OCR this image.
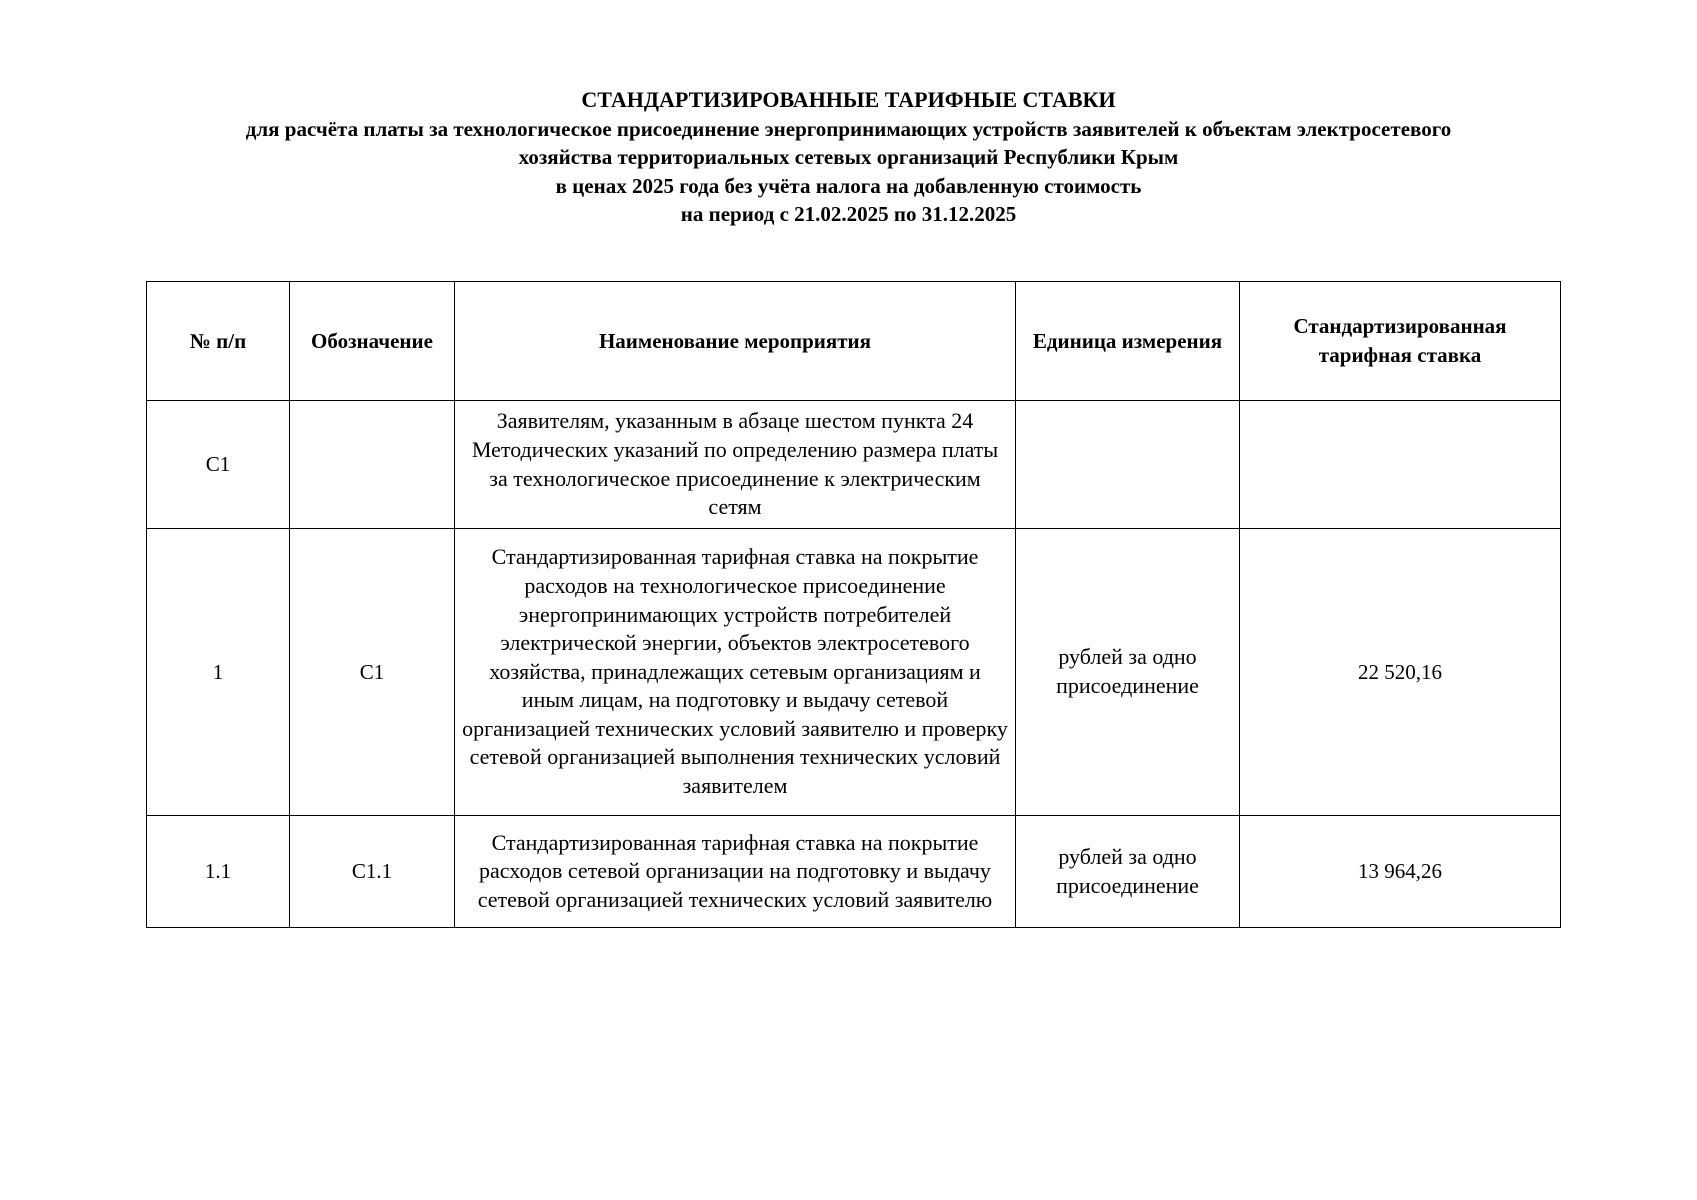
СТАНДАРТИЗИРОВАННЫЕ ТАРИФНЫЕ СТАВКИ
для расчёта платы за технологическое присоединение энергопринимающих устройств заявителей к объектам электросетевого
хозяйства территориальных сетевых организаций Республики Крым
в ценах 2025 года без учёта налога на добавленную стоимость
на период с 21.02.2025 по 31.12.2025
№ п/п	Обозначение	Наименование мероприятия	Единица измерения	Стандартизированная тарифная ставка
С1		Заявителям, указанным в абзаце шестом пункта 24 Методических указаний по определению размера платы за технологическое присоединение к электрическим сетям		
1	С1	Стандартизированная тарифная ставка на покрытие расходов на технологическое присоединение энергопринимающих устройств потребителей электрической энергии, объектов электросетевого хозяйства, принадлежащих сетевым организациям и иным лицам, на подготовку и выдачу сетевой организацией технических условий заявителю и проверку сетевой организацией выполнения технических условий заявителем	рублей за одно присоединение	22 520,16
1.1	С1.1	Стандартизированная тарифная ставка на покрытие расходов сетевой организации на подготовку и выдачу сетевой организацией технических условий заявителю	рублей за одно присоединение	13 964,26
